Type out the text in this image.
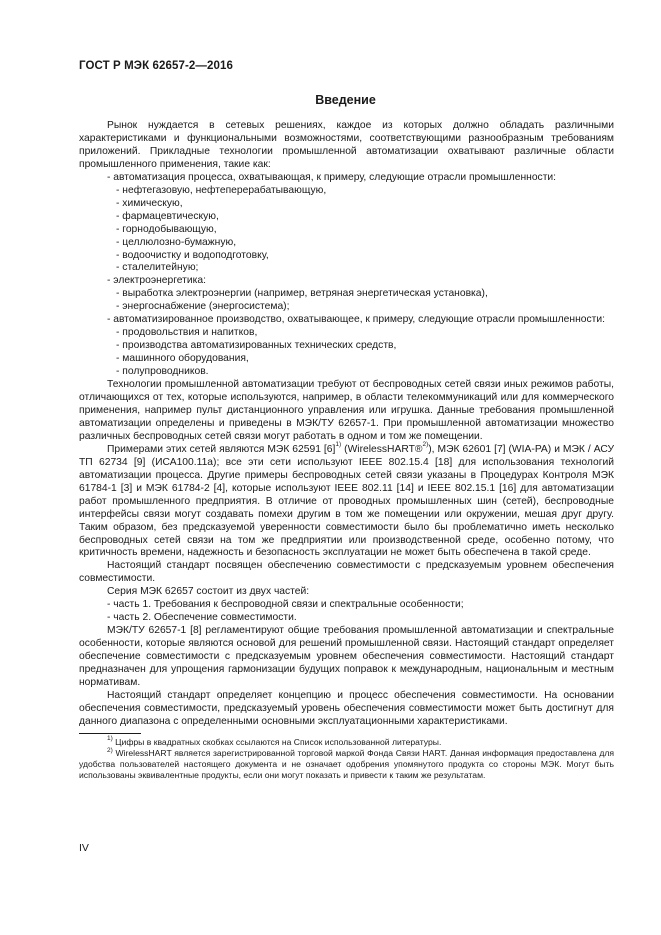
ГОСТ Р МЭК 62657-2—2016
Введение

Рынок нуждается в сетевых решениях, каждое из которых должно обладать различными характеристиками и функциональными возможностями, соответствующими разнообразным требованиям приложений. Прикладные технологии промышленной автоматизации охватывают различные области промышленного применения, такие как:

- автоматизация процесса, охватывающая, к примеру, следующие отрасли промышленности:

- нефтегазовую, нефтеперерабатывающую,

- химическую,

- фармацевтическую,

- горнодобывающую,

- целлюлозно-бумажную,

- водоочистку и водоподготовку,

- сталелитейную;

- электроэнергетика:

- выработка электроэнергии (например, ветряная энергетическая установка),

- энергоснабжение (энергосистема);

- автоматизированное производство, охватывающее, к примеру, следующие отрасли промышленности:

- продовольствия и напитков,

- производства автоматизированных технических средств,

- машинного оборудования,

- полупроводников.

Технологии промышленной автоматизации требуют от беспроводных сетей связи иных режимов работы, отличающихся от тех, которые используются, например, в области телекоммуникаций или для коммерческого применения, например пульт дистанционного управления или игрушка. Данные требования промышленной автоматизации определены и приведены в МЭК/ТУ 62657-1. При промышленной автоматизации множество различных беспроводных сетей связи могут работать в одном и том же помещении.

Примерами этих сетей являются МЭК 62591 $[6]^{1)}$ (WirelessHART®$^{2)}$), МЭК 62601 [7] (WIA-PA) и МЭК / АСУ ТП 62734 [9] (ИСА100.11а); все эти сети используют IEEE 802.15.4 [18] для использования технологий автоматизации процесса. Другие примеры беспроводных сетей связи указаны в Процедурах Контроля МЭК 61784-1 [3] и МЭК 61784-2 [4], которые используют IEEE 802.11 [14] и IEEE 802.15.1 [16] для автоматизации работ промышленного предприятия. В отличие от проводных промышленных шин (сетей), беспроводные интерфейсы связи могут создавать помехи другим в том же помещении или окружении, мешая друг другу. Таким образом, без предсказуемой уверенности совместимости было бы проблематично иметь несколько беспроводных сетей связи на том же предприятии или производственной среде, особенно потому, что критичность времени, надежность и безопасность эксплуатации не может быть обеспечена в такой среде.

Настоящий стандарт посвящен обеспечению совместимости с предсказуемым уровнем обеспечения совместимости.

Серия МЭК 62657 состоит из двух частей:

- часть 1. Требования к беспроводной связи и спектральные особенности;

- часть 2. Обеспечение совместимости.

МЭК/ТУ 62657-1 [8] регламентируют общие требования промышленной автоматизации и спектральные особенности, которые являются основой для решений промышленной связи. Настоящий стандарт определяет обеспечение совместимости с предсказуемым уровнем обеспечения совместимости. Настоящий стандарт предназначен для упрощения гармонизации будущих поправок к международным, национальным и местным нормативам.

Настоящий стандарт определяет концепцию и процесс обеспечения совместимости. На основании обеспечения совместимости, предсказуемый уровень обеспечения совместимости может быть достигнут для данного диапазона с определенными основными эксплуатационными характеристиками.

$^{1)}$ Цифры в квадратных скобках ссылаются на Список использованной литературы.

$^{2)}$ WirelessHART является зарегистрированной торговой маркой Фонда Связи HART. Данная информация предоставлена для удобства пользователей настоящего документа и не означает одобрения упомянутого продукта со стороны МЭК. Могут быть использованы эквивалентные продукты, если они могут показать и привести к таким же результатам.

IV
